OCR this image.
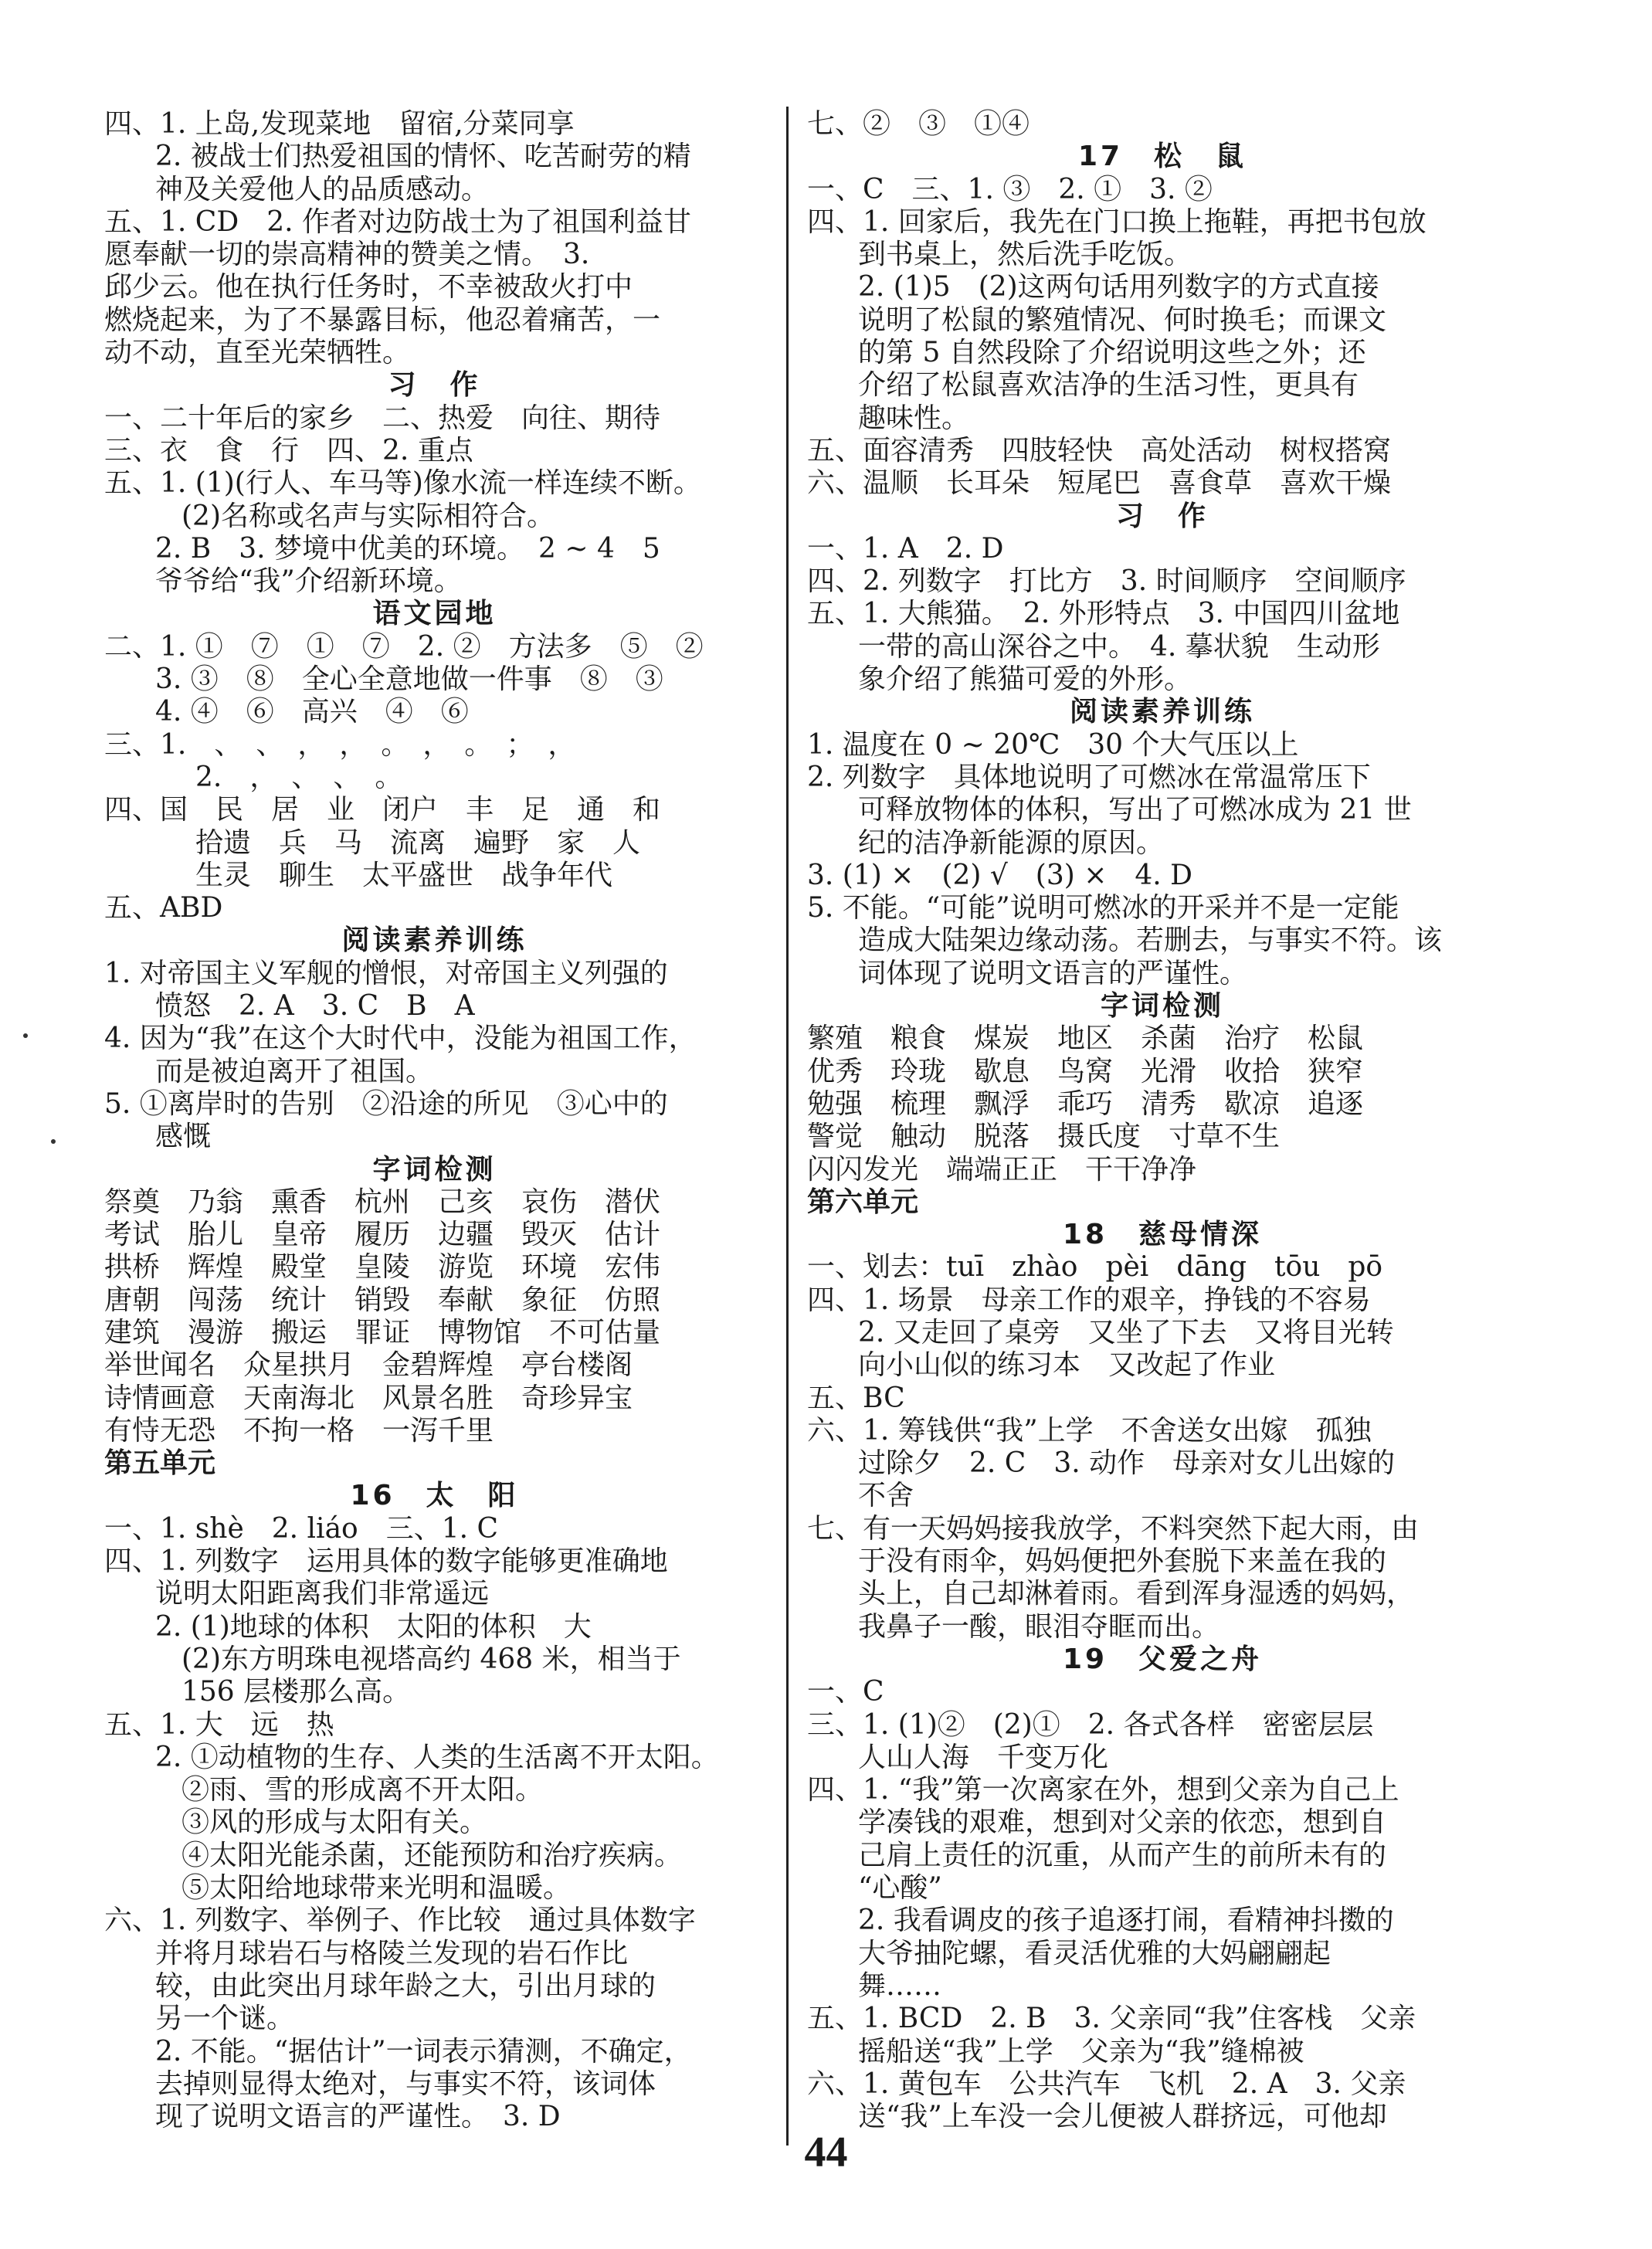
四、1. 上岛,发现菜地　留宿,分菜同享
2. 被战士们热爱祖国的情怀、吃苦耐劳的精
神及关爱他人的品质感动。
五、1. CD　2. 作者对边防战士为了祖国利益甘
愿奉献一切的崇高精神的赞美之情。　3.
邱少云。他在执行任务时，不幸被敌火打中
燃烧起来，为了不暴露目标，他忍着痛苦，一
动不动，直至光荣牺牲。
习　作
一、二十年后的家乡　二、热爱　向往、期待
三、衣　食　行　四、2. 重点
五、1. (1)(行人、车马等)像水流一样连续不断。
(2)名称或名声与实际相符合。
2. B　3. 梦境中优美的环境。　2 ~ 4　5
爷爷给“我”介绍新环境。
语文园地
二、1. ①　⑦　①　⑦　2. ②　方法多　⑤　②
3. ③　⑧　全心全意地做一件事　⑧　③
4. ④　⑥　高兴　④　⑥
三、1.　、　、　，　，　。　，　。　；　，
2.　，　、　、　。
四、国　民　居　业　闭户　丰　足　通　和
拾遗　兵　马　流离　遍野　家　人
生灵　聊生　太平盛世　战争年代
五、ABD
阅读素养训练
1. 对帝国主义军舰的憎恨，对帝国主义列强的
愤怒　2. A　3. C　B　A
4. 因为“我”在这个大时代中，没能为祖国工作，
而是被迫离开了祖国。
5. ①离岸时的告别　②沿途的所见　③心中的
感慨
字词检测
祭奠　乃翁　熏香　杭州　己亥　哀伤　潜伏
考试　胎儿　皇帝　履历　边疆　毁灭　估计
拱桥　辉煌　殿堂　皇陵　游览　环境　宏伟
唐朝　闯荡　统计　销毁　奉献　象征　仿照
建筑　漫游　搬运　罪证　博物馆　不可估量
举世闻名　众星拱月　金碧辉煌　亭台楼阁
诗情画意　天南海北　风景名胜　奇珍异宝
有恃无恐　不拘一格　一泻千里
第五单元
16　太　阳
一、1. shè　2. liáo　三、1. C
四、1. 列数字　运用具体的数字能够更准确地
说明太阳距离我们非常遥远
2. (1)地球的体积　太阳的体积　大
(2)东方明珠电视塔高约 468 米，相当于
156 层楼那么高。
五、1. 大　远　热
2. ①动植物的生存、人类的生活离不开太阳。
②雨、雪的形成离不开太阳。
③风的形成与太阳有关。
④太阳光能杀菌，还能预防和治疗疾病。
⑤太阳给地球带来光明和温暖。
六、1. 列数字、举例子、作比较　通过具体数字
并将月球岩石与格陵兰发现的岩石作比
较，由此突出月球年龄之大，引出月球的
另一个谜。
2. 不能。“据估计”一词表示猜测，不确定，
去掉则显得太绝对，与事实不符，该词体
现了说明文语言的严谨性。　3. D
七、②　③　①④
17　松　鼠
一、C　三、1. ③　2. ①　3. ②
四、1. 回家后，我先在门口换上拖鞋，再把书包放
到书桌上，然后洗手吃饭。
2. (1)5　(2)这两句话用列数字的方式直接
说明了松鼠的繁殖情况、何时换毛；而课文
的第 5 自然段除了介绍说明这些之外；还
介绍了松鼠喜欢洁净的生活习性，更具有
趣味性。
五、面容清秀　四肢轻快　高处活动　树杈搭窝
六、温顺　长耳朵　短尾巴　喜食草　喜欢干燥
习　作
一、1. A　2. D
四、2. 列数字　打比方　3. 时间顺序　空间顺序
五、1. 大熊猫。　2. 外形特点　3. 中国四川盆地
一带的高山深谷之中。　4. 摹状貌　生动形
象介绍了熊猫可爱的外形。
阅读素养训练
1. 温度在 0 ~ 20℃　30 个大气压以上
2. 列数字　具体地说明了可燃冰在常温常压下
可释放物体的体积，写出了可燃冰成为 21 世
纪的洁净新能源的原因。
3. (1) ×　(2) √　(3) ×　4. D
5. 不能。“可能”说明可燃冰的开采并不是一定能
造成大陆架边缘动荡。若删去，与事实不符。该
词体现了说明文语言的严谨性。
字词检测
繁殖　粮食　煤炭　地区　杀菌　治疗　松鼠
优秀　玲珑　歇息　鸟窝　光滑　收拾　狭窄
勉强　梳理　飘浮　乖巧　清秀　歇凉　追逐
警觉　触动　脱落　摄氏度　寸草不生
闪闪发光　端端正正　干干净净
第六单元
18　慈母情深
一、划去：tuī　zhào　pèi　dāng　tōu　pō
四、1. 场景　母亲工作的艰辛，挣钱的不容易
2. 又走回了桌旁　又坐了下去　又将目光转
向小山似的练习本　又改起了作业
五、BC
六、1. 筹钱供“我”上学　不舍送女出嫁　孤独
过除夕　2. C　3. 动作　母亲对女儿出嫁的
不舍
七、有一天妈妈接我放学，不料突然下起大雨，由
于没有雨伞，妈妈便把外套脱下来盖在我的
头上，自己却淋着雨。看到浑身湿透的妈妈，
我鼻子一酸，眼泪夺眶而出。
19　父爱之舟
一、C
三、1. (1)②　(2)①　2. 各式各样　密密层层
人山人海　千变万化
四、1. “我”第一次离家在外，想到父亲为自己上
学凑钱的艰难，想到对父亲的依恋，想到自
己肩上责任的沉重，从而产生的前所未有的
“心酸”
2. 我看调皮的孩子追逐打闹，看精神抖擞的
大爷抽陀螺，看灵活优雅的大妈翩翩起
舞……
五、1. BCD　2. B　3. 父亲同“我”住客栈　父亲
摇船送“我”上学　父亲为“我”缝棉被
六、1. 黄包车　公共汽车　飞机　2. A　3. 父亲
送“我”上车没一会儿便被人群挤远，可他却
44
